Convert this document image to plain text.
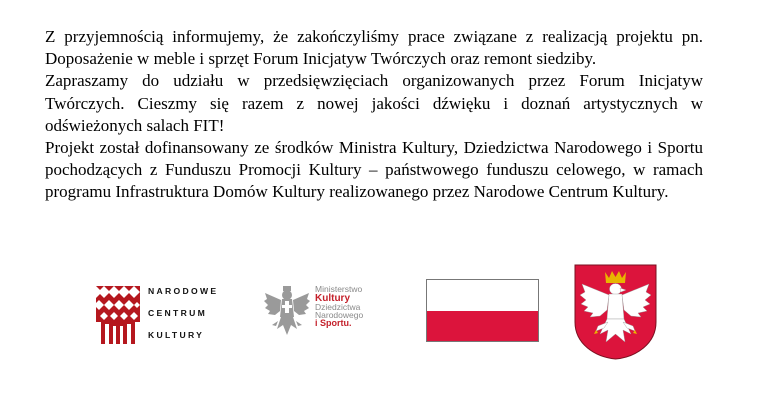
Z przyjemnością informujemy, że zakończyliśmy prace związane z realizacją projektu pn. Doposażenie w meble i sprzęt Forum Inicjatyw Twórczych oraz remont siedziby.

Zapraszamy do udziału w przedsięwzięciach organizowanych przez Forum Inicjatyw Twórczych. Cieszmy się razem z nowej jakości dźwięku i doznań artystycznych w odświeżonych salach FIT!

Projekt został dofinansowany ze środków Ministra Kultury, Dziedzictwa Narodowego i Sportu pochodzących z Funduszu Promocji Kultury – państwowego funduszu celowego, w ramach programu Infrastruktura Domów Kultury realizowanego przez Narodowe Centrum Kultury.

NARODOWE
CENTRUM
KULTURY
Ministerstwo
Kultury
Dziedzictwa
Narodowego
i Sportu.
